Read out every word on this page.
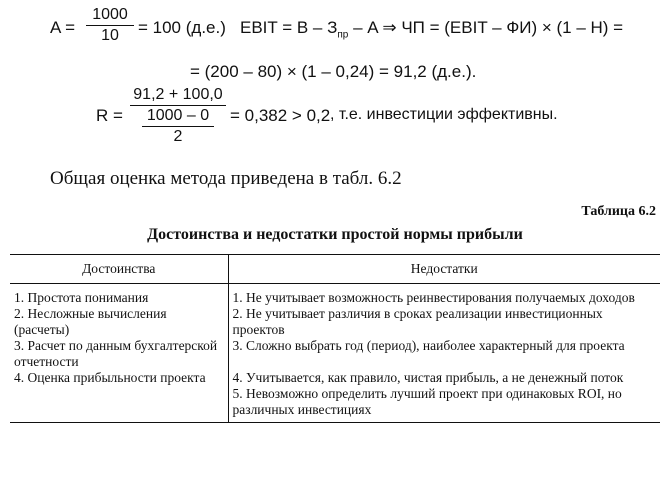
A =
1000
10	= 100 (д.е.) EBIT = B – $З_{пр}$ – A ⇒ ЧП = (EBIT – ФИ) × (1 – Н) =
= (200 – 80) × (1 – 0,24) = 91,2 (д.е.).
R =
91,2 + 100,0
1000 – 0
2
= 0,382 > 0,2 , т.е. инвестиции эффективны.
Общая оценка метода приведена в табл. 6.2
Таблица 6.2
Достоинства и недостатки простой нормы прибыли
Достоинства	Недостатки
1. Простота понимания	1. Не учитывает возможность реинвестирования получаемых доходов
2. Несложные вычисления (расчеты)	2. Не учитывает различия в сроках реализации инвестиционных проектов
3. Расчет по данным бухгалтерской отчетности	3. Сложно выбрать год (период), наиболее характерный для проекта
4. Оценка прибыльности проекта	4. Учитывается, как правило, чистая прибыль, а не денежный поток
	5. Невозможно определить лучший проект при одинаковых ROI, но различных инвестициях
